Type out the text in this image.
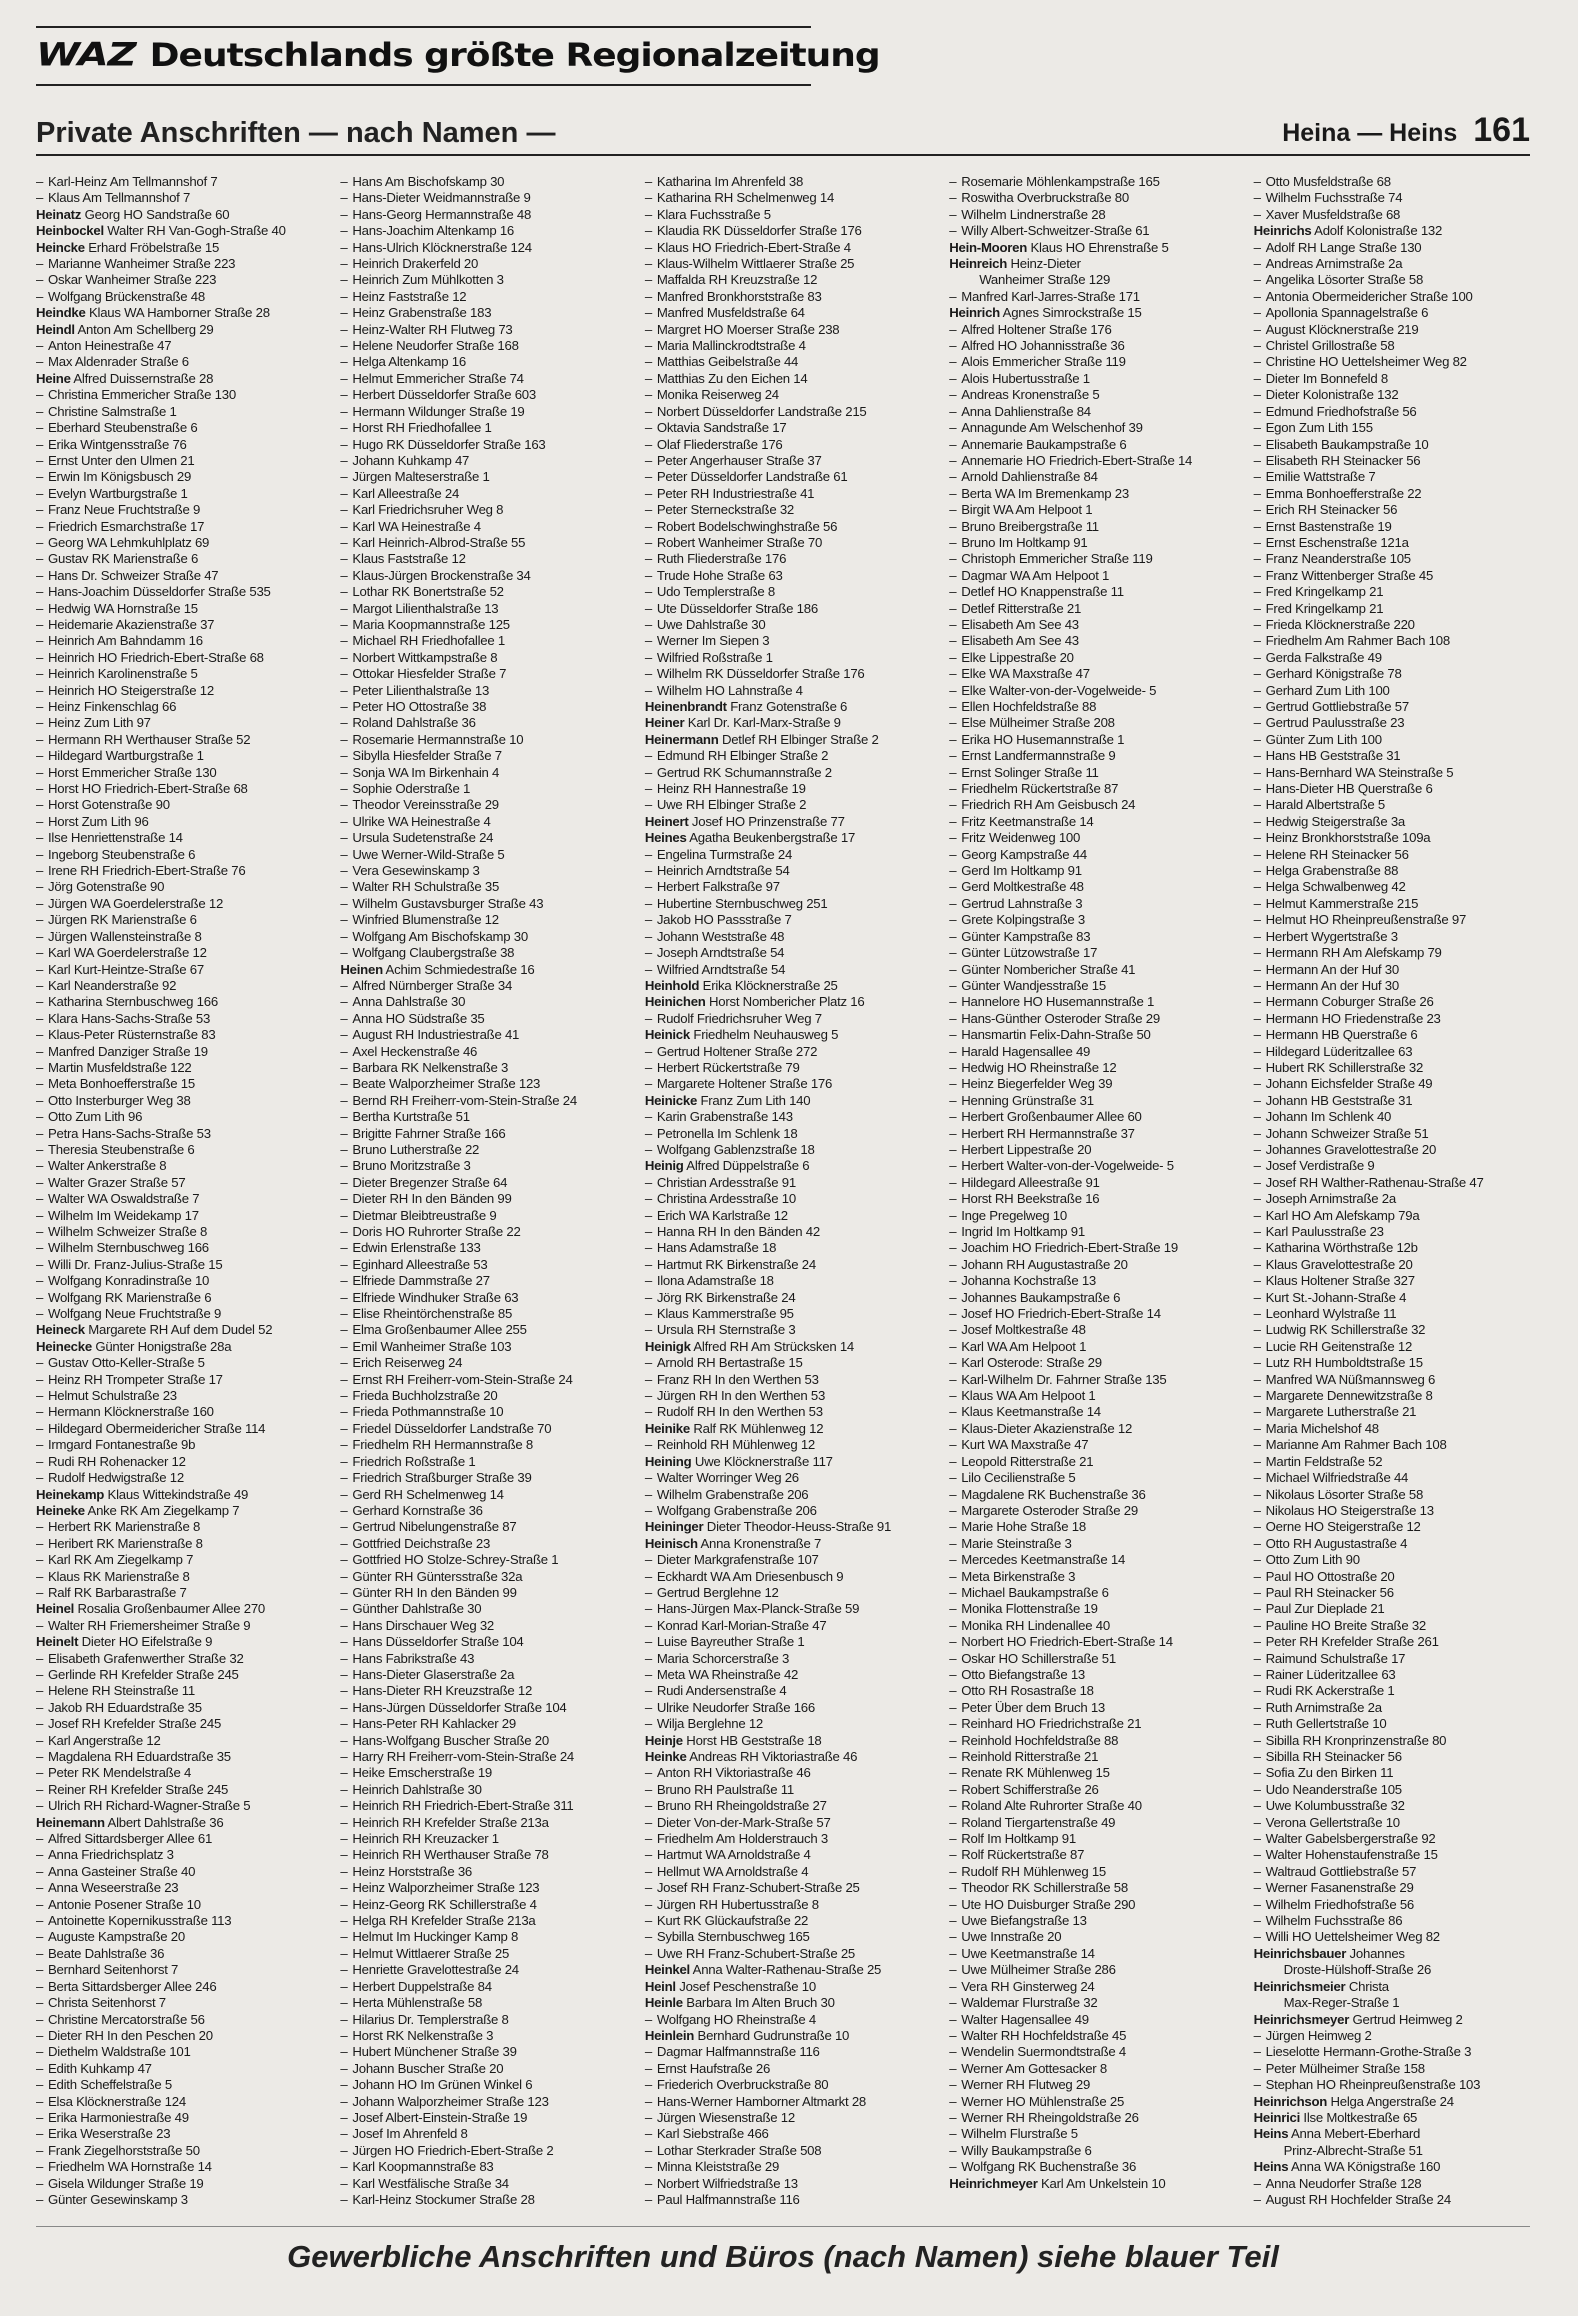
WAZ Deutschlands größte Regionalzeitung
Private Anschriften — nach Namen —	Heina — Heins 161
– Karl-Heinz Am Tellmannshof 7
– Klaus Am Tellmannshof 7
Heinatz Georg HO Sandstraße 60
Heinbockel Walter RH Van-Gogh-Straße 40
Heincke Erhard Fröbelstraße 15
– Marianne Wanheimer Straße 223
– Oskar Wanheimer Straße 223
– Wolfgang Brückenstraße 48
Heindke Klaus WA Hamborner Straße 28
Heindl Anton Am Schellberg 29
– Anton Heinestraße 47
– Max Aldenrader Straße 6
Heine Alfred Duissernstraße 28
– Christina Emmericher Straße 130
– Christine Salmstraße 1
– Eberhard Steubenstraße 6
– Erika Wintgensstraße 76
– Ernst Unter den Ulmen 21
– Erwin Im Königsbusch 29
– Evelyn Wartburgstraße 1
– Franz Neue Fruchtstraße 9
– Friedrich Esmarchstraße 17
– Georg WA Lehmkuhlplatz 69
– Gustav RK Marienstraße 6
– Hans Dr. Schweizer Straße 47
– Hans-Joachim Düsseldorfer Straße 535
– Hedwig WA Hornstraße 15
– Heidemarie Akazienstraße 37
– Heinrich Am Bahndamm 16
– Heinrich HO Friedrich-Ebert-Straße 68
– Heinrich Karolinenstraße 5
– Heinrich HO Steigerstraße 12
– Heinz Finkenschlag 66
– Heinz Zum Lith 97
– Hermann RH Werthauser Straße 52
– Hildegard Wartburgstraße 1
– Horst Emmericher Straße 130
– Horst HO Friedrich-Ebert-Straße 68
– Horst Gotenstraße 90
– Horst Zum Lith 96
– Ilse Henriettenstraße 14
– Ingeborg Steubenstraße 6
– Irene RH Friedrich-Ebert-Straße 76
– Jörg Gotenstraße 90
– Jürgen WA Goerdelerstraße 12
– Jürgen RK Marienstraße 6
– Jürgen Wallensteinstraße 8
– Karl WA Goerdelerstraße 12
– Karl Kurt-Heintze-Straße 67
– Karl Neanderstraße 92
– Katharina Sternbuschweg 166
– Klara Hans-Sachs-Straße 53
– Klaus-Peter Rüsternstraße 83
– Manfred Danziger Straße 19
– Martin Musfeldstraße 122
– Meta Bonhoefferstraße 15
– Otto Insterburger Weg 38
– Otto Zum Lith 96
– Petra Hans-Sachs-Straße 53
– Theresia Steubenstraße 6
– Walter Ankerstraße 8
– Walter Grazer Straße 57
– Walter WA Oswaldstraße 7
– Wilhelm Im Weidekamp 17
– Wilhelm Schweizer Straße 8
– Wilhelm Sternbuschweg 166
– Willi Dr. Franz-Julius-Straße 15
– Wolfgang Konradinstraße 10
– Wolfgang RK Marienstraße 6
– Wolfgang Neue Fruchtstraße 9
Heineck Margarete RH Auf dem Dudel 52
Heinecke Günter Honigstraße 28a
– Gustav Otto-Keller-Straße 5
– Heinz RH Trompeter Straße 17
– Helmut Schulstraße 23
– Hermann Klöcknerstraße 160
– Hildegard Obermeidericher Straße 114
– Irmgard Fontanestraße 9b
– Rudi RH Rohenacker 12
– Rudolf Hedwigstraße 12
Heinekamp Klaus Wittekindstraße 49
Heineke Anke RK Am Ziegelkamp 7
– Herbert RK Marienstraße 8
– Heribert RK Marienstraße 8
– Karl RK Am Ziegelkamp 7
– Klaus RK Marienstraße 8
– Ralf RK Barbarastraße 7
Heinel Rosalia Großenbaumer Allee 270
– Walter RH Friemersheimer Straße 9
Heinelt Dieter HO Eifelstraße 9
– Elisabeth Grafenwerther Straße 32
– Gerlinde RH Krefelder Straße 245
– Helene RH Steinstraße 11
– Jakob RH Eduardstraße 35
– Josef RH Krefelder Straße 245
– Karl Angerstraße 12
– Magdalena RH Eduardstraße 35
– Peter RK Mendelstraße 4
– Reiner RH Krefelder Straße 245
– Ulrich RH Richard-Wagner-Straße 5
Heinemann Albert Dahlstraße 36
– Alfred Sittardsberger Allee 61
– Anna Friedrichsplatz 3
– Anna Gasteiner Straße 40
– Anna Weseerstraße 23
– Antonie Posener Straße 10
– Antoinette Kopernikusstraße 113
– Auguste Kampstraße 20
– Beate Dahlstraße 36
– Bernhard Seitenhorst 7
– Berta Sittardsberger Allee 246
– Christa Seitenhorst 7
– Christine Mercatorstraße 56
– Dieter RH In den Peschen 20
– Diethelm Waldstraße 101
– Edith Kuhkamp 47
– Edith Scheffelstraße 5
– Elsa Klöcknerstraße 124
– Erika Harmoniestraße 49
– Erika Weserstraße 23
– Frank Ziegelhorststraße 50
– Friedhelm WA Hornstraße 14
– Gisela Wildunger Straße 19
– Günter Gesewinskamp 3
– Hans Am Bischofskamp 30
– Hans-Dieter Weidmannstraße 9
– Hans-Georg Hermannstraße 48
– Hans-Joachim Altenkamp 16
– Hans-Ulrich Klöcknerstraße 124
– Heinrich Drakerfeld 20
– Heinrich Zum Mühlkotten 3
– Heinz Faststraße 12
– Heinz Grabenstraße 183
– Heinz-Walter RH Flutweg 73
– Helene Neudorfer Straße 168
– Helga Altenkamp 16
– Helmut Emmericher Straße 74
– Herbert Düsseldorfer Straße 603
– Hermann Wildunger Straße 19
– Horst RH Friedhofallee 1
– Hugo RK Düsseldorfer Straße 163
– Johann Kuhkamp 47
– Jürgen Malteserstraße 1
– Karl Alleestraße 24
– Karl Friedrichsruher Weg 8
– Karl WA Heinestraße 4
– Karl Heinrich-Albrod-Straße 55
– Klaus Faststraße 12
– Klaus-Jürgen Brockenstraße 34
– Lothar RK Bonertstraße 52
– Margot Lilienthalstraße 13
– Maria Koopmannstraße 125
– Michael RH Friedhofallee 1
– Norbert Wittkampstraße 8
– Ottokar Hiesfelder Straße 7
– Peter Lilienthalstraße 13
– Peter HO Ottostraße 38
– Roland Dahlstraße 36
– Rosemarie Hermannstraße 10
– Sibylla Hiesfelder Straße 7
– Sonja WA Im Birkenhain 4
– Sophie Oderstraße 1
– Theodor Vereinsstraße 29
– Ulrike WA Heinestraße 4
– Ursula Sudetenstraße 24
– Uwe Werner-Wild-Straße 5
– Vera Gesewinskamp 3
– Walter RH Schulstraße 35
– Wilhelm Gustavsburger Straße 43
– Winfried Blumenstraße 12
– Wolfgang Am Bischofskamp 30
– Wolfgang Claubergstraße 38
Heinen Achim Schmiedestraße 16
– Alfred Nürnberger Straße 34
– Anna Dahlstraße 30
– Anna HO Südstraße 35
– August RH Industriestraße 41
– Axel Heckenstraße 46
– Barbara RK Nelkenstraße 3
– Beate Walporzheimer Straße 123
– Bernd RH Freiherr-vom-Stein-Straße 24
– Bertha Kurtstraße 51
– Brigitte Fahrner Straße 166
– Bruno Lutherstraße 22
– Bruno Moritzstraße 3
– Dieter Bregenzer Straße 64
– Dieter RH In den Bänden 99
– Dietmar Bleibtreustraße 9
– Doris HO Ruhrorter Straße 22
– Edwin Erlenstraße 133
– Eginhard Alleestraße 53
– Elfriede Dammstraße 27
– Elfriede Windhuker Straße 63
– Elise Rheintörchenstraße 85
– Elma Großenbaumer Allee 255
– Emil Wanheimer Straße 103
– Erich Reiserweg 24
– Ernst RH Freiherr-vom-Stein-Straße 24
– Frieda Buchholzstraße 20
– Frieda Pothmannstraße 10
– Friedel Düsseldorfer Landstraße 70
– Friedhelm RH Hermannstraße 8
– Friedrich Roßstraße 1
– Friedrich Straßburger Straße 39
– Gerd RH Schelmenweg 14
– Gerhard Kornstraße 36
– Gertrud Nibelungenstraße 87
– Gottfried Deichstraße 23
– Gottfried HO Stolze-Schrey-Straße 1
– Günter RH Güntersstraße 32a
– Günter RH In den Bänden 99
– Günther Dahlstraße 30
– Hans Dirschauer Weg 32
– Hans Düsseldorfer Straße 104
– Hans Fabrikstraße 43
– Hans-Dieter Glaserstraße 2a
– Hans-Dieter RH Kreuzstraße 12
– Hans-Jürgen Düsseldorfer Straße 104
– Hans-Peter RH Kahlacker 29
– Hans-Wolfgang Buscher Straße 20
– Harry RH Freiherr-vom-Stein-Straße 24
– Heike Emscherstraße 19
– Heinrich Dahlstraße 30
– Heinrich RH Friedrich-Ebert-Straße 311
– Heinrich RH Krefelder Straße 213a
– Heinrich RH Kreuzacker 1
– Heinrich RH Werthauser Straße 78
– Heinz Horststraße 36
– Heinz Walporzheimer Straße 123
– Heinz-Georg RK Schillerstraße 4
– Helga RH Krefelder Straße 213a
– Helmut Im Huckinger Kamp 8
– Helmut Wittlaerer Straße 25
– Henriette Gravelottestraße 24
– Herbert Duppelstraße 84
– Herta Mühlenstraße 58
– Hilarius Dr. Templerstraße 8
– Horst RK Nelkenstraße 3
– Hubert Münchener Straße 39
– Johann Buscher Straße 20
– Johann HO Im Grünen Winkel 6
– Johann Walporzheimer Straße 123
– Josef Albert-Einstein-Straße 19
– Josef Im Ahrenfeld 8
– Jürgen HO Friedrich-Ebert-Straße 2
– Karl Koopmannstraße 83
– Karl Westfälische Straße 34
– Karl-Heinz Stockumer Straße 28
– Katharina Im Ahrenfeld 38
– Katharina RH Schelmenweg 14
– Klara Fuchsstraße 5
– Klaudia RK Düsseldorfer Straße 176
– Klaus HO Friedrich-Ebert-Straße 4
– Klaus-Wilhelm Wittlaerer Straße 25
– Maffalda RH Kreuzstraße 12
– Manfred Bronkhorststraße 83
– Manfred Musfeldstraße 64
– Margret HO Moerser Straße 238
– Maria Mallinckrodtstraße 4
– Matthias Geibelstraße 44
– Matthias Zu den Eichen 14
– Monika Reiserweg 24
– Norbert Düsseldorfer Landstraße 215
– Oktavia Sandstraße 17
– Olaf Fliederstraße 176
– Peter Angerhauser Straße 37
– Peter Düsseldorfer Landstraße 61
– Peter RH Industriestraße 41
– Peter Sterneckstraße 32
– Robert Bodelschwinghstraße 56
– Robert Wanheimer Straße 70
– Ruth Fliederstraße 176
– Trude Hohe Straße 63
– Udo Templerstraße 8
– Ute Düsseldorfer Straße 186
– Uwe Dahlstraße 30
– Werner Im Siepen 3
– Wilfried Roßstraße 1
– Wilhelm RK Düsseldorfer Straße 176
– Wilhelm HO Lahnstraße 4
Heinenbrandt Franz Gotenstraße 6
Heiner Karl Dr. Karl-Marx-Straße 9
Heinermann Detlef RH Elbinger Straße 2
– Edmund RH Elbinger Straße 2
– Gertrud RK Schumannstraße 2
– Heinz RH Hannestraße 19
– Uwe RH Elbinger Straße 2
Heinert Josef HO Prinzenstraße 77
Heines Agatha Beukenbergstraße 17
– Engelina Turmstraße 24
– Heinrich Arndtstraße 54
– Herbert Falkstraße 97
– Hubertine Sternbuschweg 251
– Jakob HO Passstraße 7
– Johann Weststraße 48
– Joseph Arndtstraße 54
– Wilfried Arndtstraße 54
Heinhold Erika Klöcknerstraße 25
Heinichen Horst Nombericher Platz 16
– Rudolf Friedrichsruher Weg 7
Heinick Friedhelm Neuhausweg 5
– Gertrud Holtener Straße 272
– Herbert Rückertstraße 79
– Margarete Holtener Straße 176
Heinicke Franz Zum Lith 140
– Karin Grabenstraße 143
– Petronella Im Schlenk 18
– Wolfgang Gablenzstraße 18
Heinig Alfred Düppelstraße 6
– Christian Ardesstraße 91
– Christina Ardesstraße 10
– Erich WA Karlstraße 12
– Hanna RH In den Bänden 42
– Hans Adamstraße 18
– Hartmut RK Birkenstraße 24
– Ilona Adamstraße 18
– Jörg RK Birkenstraße 24
– Klaus Kammerstraße 95
– Ursula RH Sternstraße 3
Heinigk Alfred RH Am Strücksken 14
– Arnold RH Bertastraße 15
– Franz RH In den Werthen 53
– Jürgen RH In den Werthen 53
– Rudolf RH In den Werthen 53
Heinike Ralf RK Mühlenweg 12
– Reinhold RH Mühlenweg 12
Heining Uwe Klöcknerstraße 117
– Walter Worringer Weg 26
– Wilhelm Grabenstraße 206
– Wolfgang Grabenstraße 206
Heininger Dieter Theodor-Heuss-Straße 91
Heinisch Anna Kronenstraße 7
– Dieter Markgrafenstraße 107
– Eckhardt WA Am Driesenbusch 9
– Gertrud Berglehne 12
– Hans-Jürgen Max-Planck-Straße 59
– Konrad Karl-Morian-Straße 47
– Luise Bayreuther Straße 1
– Maria Schorcerstraße 3
– Meta WA Rheinstraße 42
– Rudi Andersenstraße 4
– Ulrike Neudorfer Straße 166
– Wilja Berglehne 12
Heinje Horst HB Geststraße 18
Heinke Andreas RH Viktoriastraße 46
– Anton RH Viktoriastraße 46
– Bruno RH Paulstraße 11
– Bruno RH Rheingoldstraße 27
– Dieter Von-der-Mark-Straße 57
– Friedhelm Am Holderstrauch 3
– Hartmut WA Arnoldstraße 4
– Hellmut WA Arnoldstraße 4
– Josef RH Franz-Schubert-Straße 25
– Jürgen RH Hubertusstraße 8
– Kurt RK Glückaufstraße 22
– Sybilla Sternbuschweg 165
– Uwe RH Franz-Schubert-Straße 25
Heinkel Anna Walter-Rathenau-Straße 25
Heinl Josef Peschenstraße 10
Heinle Barbara Im Alten Bruch 30
– Wolfgang HO Rheinstraße 4
Heinlein Bernhard Gudrunstraße 10
– Dagmar Halfmannstraße 116
– Ernst Haufstraße 26
– Friederich Overbruckstraße 80
– Hans-Werner Hamborner Altmarkt 28
– Jürgen Wiesenstraße 12
– Karl Siebstraße 466
– Lothar Sterkrader Straße 508
– Minna Kleiststraße 29
– Norbert Wilfriedstraße 13
– Paul Halfmannstraße 116
– Rosemarie Möhlenkampstraße 165
– Roswitha Overbruckstraße 80
– Wilhelm Lindnerstraße 28
– Willy Albert-Schweitzer-Straße 61
Hein-Mooren Klaus HO Ehrenstraße 5
Heinreich Heinz-Dieter
Wanheimer Straße 129
– Manfred Karl-Jarres-Straße 171
Heinrich Agnes Simrockstraße 15
– Alfred Holtener Straße 176
– Alfred HO Johannisstraße 36
– Alois Emmericher Straße 119
– Alois Hubertusstraße 1
– Andreas Kronenstraße 5
– Anna Dahlienstraße 84
– Annagunde Am Welschenhof 39
– Annemarie Baukampstraße 6
– Annemarie HO Friedrich-Ebert-Straße 14
– Arnold Dahlienstraße 84
– Berta WA Im Bremenkamp 23
– Birgit WA Am Helpoot 1
– Bruno Breibergstraße 11
– Bruno Im Holtkamp 91
– Christoph Emmericher Straße 119
– Dagmar WA Am Helpoot 1
– Detlef HO Knappenstraße 11
– Detlef Ritterstraße 21
– Elisabeth Am See 43
– Elisabeth Am See 43
– Elke Lippestraße 20
– Elke WA Maxstraße 47
– Elke Walter-von-der-Vogelweide- 5
– Ellen Hochfeldstraße 88
– Else Mülheimer Straße 208
– Erika HO Husemannstraße 1
– Ernst Landfermannstraße 9
– Ernst Solinger Straße 11
– Friedhelm Rückertstraße 87
– Friedrich RH Am Geisbusch 24
– Fritz Keetmanstraße 14
– Fritz Weidenweg 100
– Georg Kampstraße 44
– Gerd Im Holtkamp 91
– Gerd Moltkestraße 48
– Gertrud Lahnstraße 3
– Grete Kolpingstraße 3
– Günter Kampstraße 83
– Günter Lützowstraße 17
– Günter Nombericher Straße 41
– Günter Wandjesstraße 15
– Hannelore HO Husemannstraße 1
– Hans-Günther Osteroder Straße 29
– Hansmartin Felix-Dahn-Straße 50
– Harald Hagensallee 49
– Hedwig HO Rheinstraße 12
– Heinz Biegerfelder Weg 39
– Henning Grünstraße 31
– Herbert Großenbaumer Allee 60
– Herbert RH Hermannstraße 37
– Herbert Lippestraße 20
– Herbert Walter-von-der-Vogelweide- 5
– Hildegard Alleestraße 91
– Horst RH Beekstraße 16
– Inge Pregelweg 10
– Ingrid Im Holtkamp 91
– Joachim HO Friedrich-Ebert-Straße 19
– Johann RH Augustastraße 20
– Johanna Kochstraße 13
– Johannes Baukampstraße 6
– Josef HO Friedrich-Ebert-Straße 14
– Josef Moltkestraße 48
– Karl WA Am Helpoot 1
– Karl Osterode: Straße 29
– Karl-Wilhelm Dr. Fahrner Straße 135
– Klaus WA Am Helpoot 1
– Klaus Keetmanstraße 14
– Klaus-Dieter Akazienstraße 12
– Kurt WA Maxstraße 47
– Leopold Ritterstraße 21
– Lilo Cecilienstraße 5
– Magdalene RK Buchenstraße 36
– Margarete Osteroder Straße 29
– Marie Hohe Straße 18
– Marie Steinstraße 3
– Mercedes Keetmanstraße 14
– Meta Birkenstraße 3
– Michael Baukampstraße 6
– Monika Flottenstraße 19
– Monika RH Lindenallee 40
– Norbert HO Friedrich-Ebert-Straße 14
– Oskar HO Schillerstraße 51
– Otto Biefangstraße 13
– Otto RH Rosastraße 18
– Peter Über dem Bruch 13
– Reinhard HO Friedrichstraße 21
– Reinhold Hochfeldstraße 88
– Reinhold Ritterstraße 21
– Renate RK Mühlenweg 15
– Robert Schifferstraße 26
– Roland Alte Ruhrorter Straße 40
– Roland Tiergartenstraße 49
– Rolf Im Holtkamp 91
– Rolf Rückertstraße 87
– Rudolf RH Mühlenweg 15
– Theodor RK Schillerstraße 58
– Ute HO Duisburger Straße 290
– Uwe Biefangstraße 13
– Uwe Innstraße 20
– Uwe Keetmanstraße 14
– Uwe Mülheimer Straße 286
– Vera RH Ginsterweg 24
– Waldemar Flurstraße 32
– Walter Hagensallee 49
– Walter RH Hochfeldstraße 45
– Wendelin Suermondtstraße 4
– Werner Am Gottesacker 8
– Werner RH Flutweg 29
– Werner HO Mühlenstraße 25
– Werner RH Rheingoldstraße 26
– Wilhelm Flurstraße 5
– Willy Baukampstraße 6
– Wolfgang RK Buchenstraße 36
Heinrichmeyer Karl Am Unkelstein 10
– Otto Musfeldstraße 68
– Wilhelm Fuchsstraße 74
– Xaver Musfeldstraße 68
Heinrichs Adolf Kolonistraße 132
– Adolf RH Lange Straße 130
– Andreas Arnimstraße 2a
– Angelika Lösorter Straße 58
– Antonia Obermeidericher Straße 100
– Apollonia Spannagelstraße 6
– August Klöcknerstraße 219
– Christel Grillostraße 58
– Christine HO Uettelsheimer Weg 82
– Dieter Im Bonnefeld 8
– Dieter Kolonistraße 132
– Edmund Friedhofstraße 56
– Egon Zum Lith 155
– Elisabeth Baukampstraße 10
– Elisabeth RH Steinacker 56
– Emilie Wattstraße 7
– Emma Bonhoefferstraße 22
– Erich RH Steinacker 56
– Ernst Bastenstraße 19
– Ernst Eschenstraße 121a
– Franz Neanderstraße 105
– Franz Wittenberger Straße 45
– Fred Kringelkamp 21
– Fred Kringelkamp 21
– Frieda Klöcknerstraße 220
– Friedhelm Am Rahmer Bach 108
– Gerda Falkstraße 49
– Gerhard Königstraße 78
– Gerhard Zum Lith 100
– Gertrud Gottliebstraße 57
– Gertrud Paulusstraße 23
– Günter Zum Lith 100
– Hans HB Geststraße 31
– Hans-Bernhard WA Steinstraße 5
– Hans-Dieter HB Querstraße 6
– Harald Albertstraße 5
– Hedwig Steigerstraße 3a
– Heinz Bronkhorststraße 109a
– Helene RH Steinacker 56
– Helga Grabenstraße 88
– Helga Schwalbenweg 42
– Helmut Kammerstraße 215
– Helmut HO Rheinpreußenstraße 97
– Herbert Wygertstraße 3
– Hermann RH Am Alefskamp 79
– Hermann An der Huf 30
– Hermann An der Huf 30
– Hermann Coburger Straße 26
– Hermann HO Friedenstraße 23
– Hermann HB Querstraße 6
– Hildegard Lüderitzallee 63
– Hubert RK Schillerstraße 32
– Johann Eichsfelder Straße 49
– Johann HB Geststraße 31
– Johann Im Schlenk 40
– Johann Schweizer Straße 51
– Johannes Gravelottestraße 20
– Josef Verdistraße 9
– Josef RH Walther-Rathenau-Straße 47
– Joseph Arnimstraße 2a
– Karl HO Am Alefskamp 79a
– Karl Paulusstraße 23
– Katharina Wörthstraße 12b
– Klaus Gravelottestraße 20
– Klaus Holtener Straße 327
– Kurt St.-Johann-Straße 4
– Leonhard Wylstraße 11
– Ludwig RK Schillerstraße 32
– Lucie RH Geitenstraße 12
– Lutz RH Humboldtstraße 15
– Manfred WA Nüßmannsweg 6
– Margarete Dennewitzstraße 8
– Margarete Lutherstraße 21
– Maria Michelshof 48
– Marianne Am Rahmer Bach 108
– Martin Feldstraße 52
– Michael Wilfriedstraße 44
– Nikolaus Lösorter Straße 58
– Nikolaus HO Steigerstraße 13
– Oerne HO Steigerstraße 12
– Otto RH Augustastraße 4
– Otto Zum Lith 90
– Paul HO Ottostraße 20
– Paul RH Steinacker 56
– Paul Zur Dieplade 21
– Pauline HO Breite Straße 32
– Peter RH Krefelder Straße 261
– Raimund Schulstraße 17
– Rainer Lüderitzallee 63
– Rudi RK Ackerstraße 1
– Ruth Arnimstraße 2a
– Ruth Gellertstraße 10
– Sibilla RH Kronprinzenstraße 80
– Sibilla RH Steinacker 56
– Sofia Zu den Birken 11
– Udo Neanderstraße 105
– Uwe Kolumbusstraße 32
– Verona Gellertstraße 10
– Walter Gabelsbergerstraße 92
– Walter Hohenstaufenstraße 15
– Waltraud Gottliebstraße 57
– Werner Fasanenstraße 29
– Wilhelm Friedhofstraße 56
– Wilhelm Fuchsstraße 86
– Willi HO Uettelsheimer Weg 82
Heinrichsbauer Johannes
Droste-Hülshoff-Straße 26
Heinrichsmeier Christa
Max-Reger-Straße 1
Heinrichsmeyer Gertrud Heimweg 2
– Jürgen Heimweg 2
– Lieselotte Hermann-Grothe-Straße 3
– Peter Mülheimer Straße 158
– Stephan HO Rheinpreußenstraße 103
Heinrichson Helga Angerstraße 24
Heinrici Ilse Moltkestraße 65
Heins Anna Mebert-Eberhard
Prinz-Albrecht-Straße 51
Heins Anna WA Königstraße 160
– Anna Neudorfer Straße 128
– August RH Hochfelder Straße 24
Gewerbliche Anschriften und Büros (nach Namen) siehe blauer Teil
